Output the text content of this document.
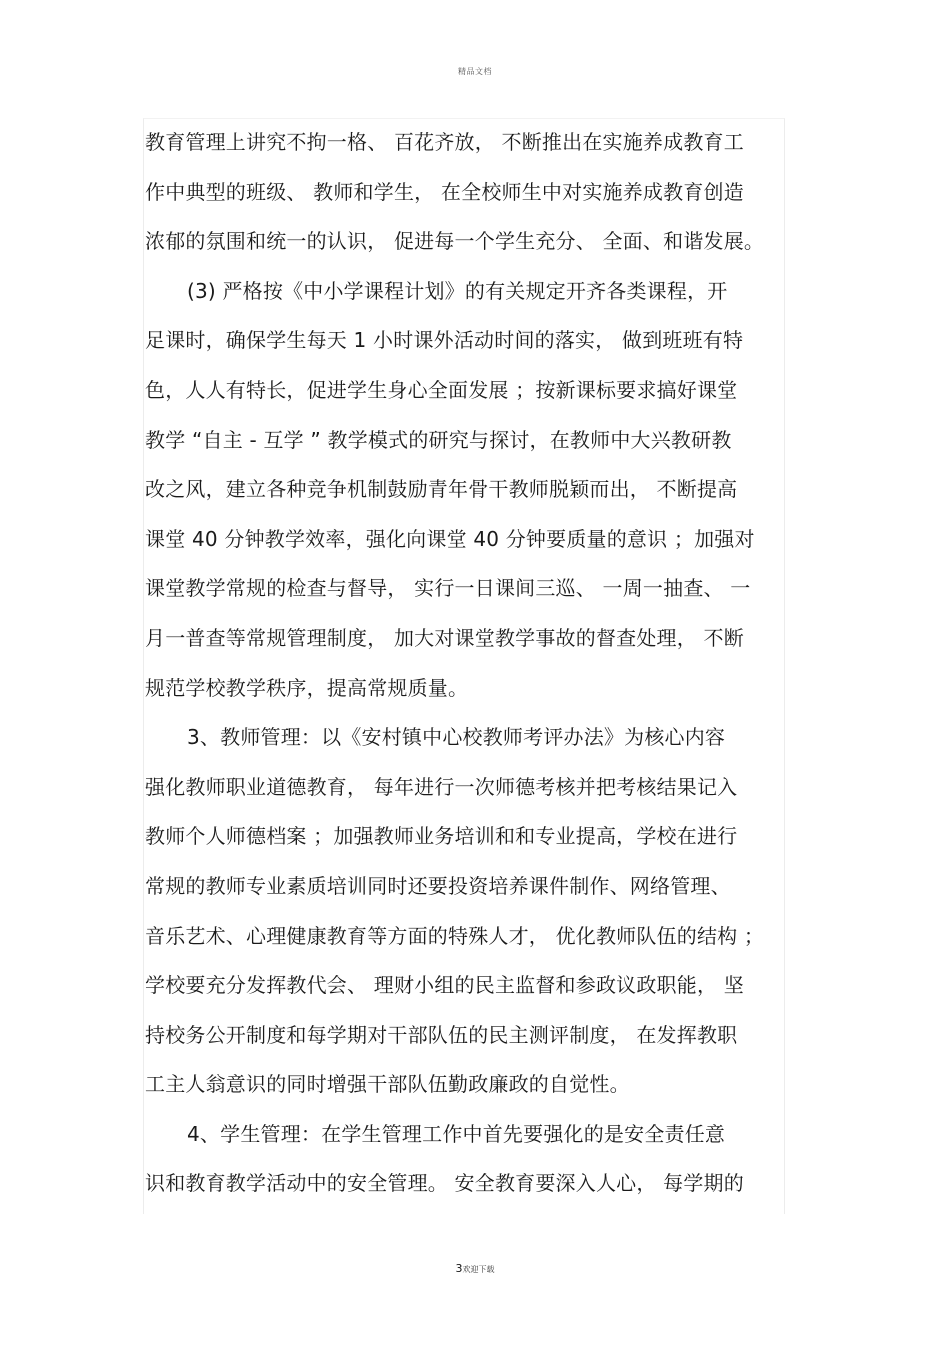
精品文档
教育管理上讲究不拘一格、 百花齐放， 不断推出在实施养成教育工
作中典型的班级、 教师和学生， 在全校师生中对实施养成教育创造
浓郁的氛围和统一的认识， 促进每一个学生充分、 全面、和谐发展。
(3) 严格按《中小学课程计划》的有关规定开齐各类课程，开
足课时，确保学生每天 1 小时课外活动时间的落实， 做到班班有特
色，人人有特长，促进学生身心全面发展 ；按新课标要求搞好课堂
教学 “自主 - 互学 ” 教学模式的研究与探讨，在教师中大兴教研教
改之风，建立各种竞争机制鼓励青年骨干教师脱颖而出， 不断提高
课堂 40 分钟教学效率，强化向课堂 40 分钟要质量的意识 ；加强对
课堂教学常规的检查与督导， 实行一日课间三巡、 一周一抽查、 一
月一普查等常规管理制度， 加大对课堂教学事故的督查处理， 不断
规范学校教学秩序，提高常规质量。
3、教师管理：以《安村镇中心校教师考评办法》为核心内容
强化教师职业道德教育， 每年进行一次师德考核并把考核结果记入
教师个人师德档案 ；加强教师业务培训和和专业提高，学校在进行
常规的教师专业素质培训同时还要投资培养课件制作、网络管理、
音乐艺术、心理健康教育等方面的特殊人才， 优化教师队伍的结构 ；
学校要充分发挥教代会、 理财小组的民主监督和参政议政职能， 坚
持校务公开制度和每学期对干部队伍的民主测评制度， 在发挥教职
工主人翁意识的同时增强干部队伍勤政廉政的自觉性。
4、学生管理：在学生管理工作中首先要强化的是安全责任意
识和教育教学活动中的安全管理。 安全教育要深入人心， 每学期的
3欢迎下载
